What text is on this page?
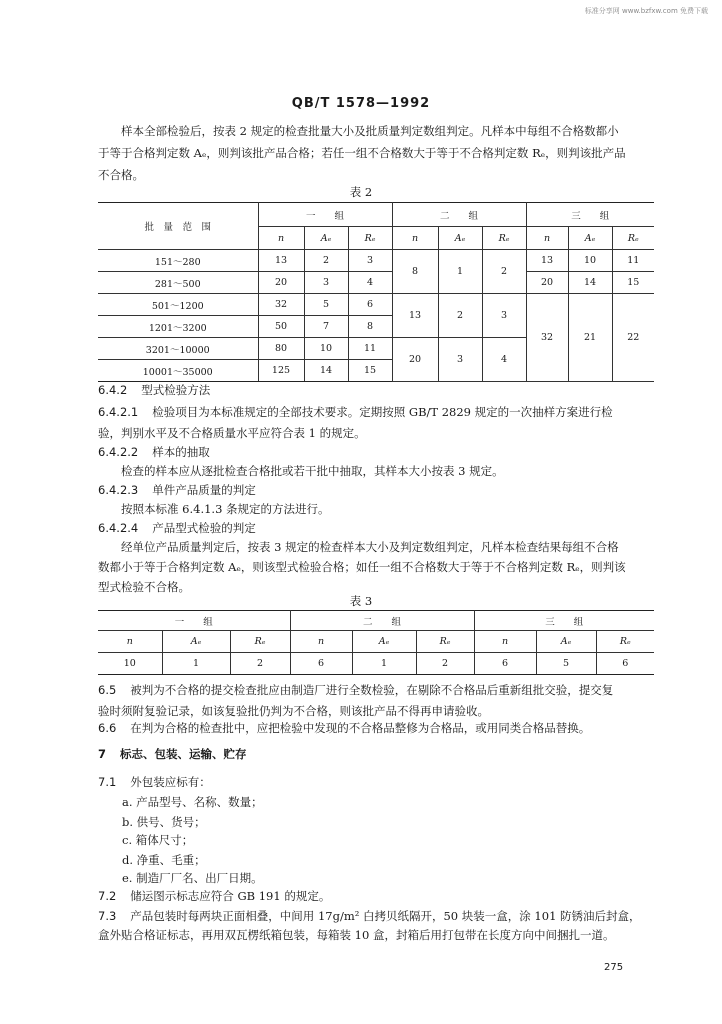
标准分享网 www.bzfxw.com 免费下载
QB/T 1578—1992
样本全部检验后，按表 2 规定的检查批量大小及批质量判定数组判定。凡样本中每组不合格数都小
于等于合格判定数 Aₑ，则判该批产品合格；若任一组不合格数大于等于不合格判定数 Rₑ，则判该批产品
不合格。
表 2
批　量　范　围	一　　组			二　　组			三　　组		
	n	Aₑ	Rₑ	n	Aₑ	Rₑ	n	Aₑ	Rₑ
151～280	13	2	3	8	1	2	13	10	11
281～500	20	3	4				20	14	15
501～1200	32	5	6	13	2	3	32	21	22
1201～3200	50	7	8						
3201～10000	80	10	11	20	3	4			
10001～35000	125	14	15						
6.4.2 型式检验方法
6.4.2.1 检验项目为本标准规定的全部技术要求。定期按照 GB/T 2829 规定的一次抽样方案进行检
验，判别水平及不合格质量水平应符合表 1 的规定。
6.4.2.2 样本的抽取
检查的样本应从逐批检查合格批或若干批中抽取，其样本大小按表 3 规定。
6.4.2.3 单件产品质量的判定
按照本标准 6.4.1.3 条规定的方法进行。
6.4.2.4 产品型式检验的判定
经单位产品质量判定后，按表 3 规定的检查样本大小及判定数组判定，凡样本检查结果每组不合格
数都小于等于合格判定数 Aₑ，则该型式检验合格；如任一组不合格数大于等于不合格判定数 Rₑ，则判该
型式检验不合格。
表 3
一　　组			二　　组			三　　组		
n	Aₑ	Rₑ	n	Aₑ	Rₑ	n	Aₑ	Rₑ
10	1	2	6	1	2	6	5	6
6.5 被判为不合格的提交检查批应由制造厂进行全数检验，在剔除不合格品后重新组批交验，提交复
验时须附复验记录，如该复验批仍判为不合格，则该批产品不得再申请验收。
6.6 在判为合格的检查批中，应把检验中发现的不合格品整修为合格品，或用同类合格品替换。
7 标志、包装、运输、贮存
7.1 外包装应标有：
a. 产品型号、名称、数量；
b. 供号、货号；
c. 箱体尺寸；
d. 净重、毛重；
e. 制造厂厂名、出厂日期。
7.2 储运图示标志应符合 GB 191 的规定。
7.3 产品包装时每两块正面相叠，中间用 17g/m² 白拷贝纸隔开，50 块装一盒，涂 101 防锈油后封盒，
盒外贴合格证标志，再用双瓦楞纸箱包装，每箱装 10 盒，封箱后用打包带在长度方向中间捆扎一道。
275
